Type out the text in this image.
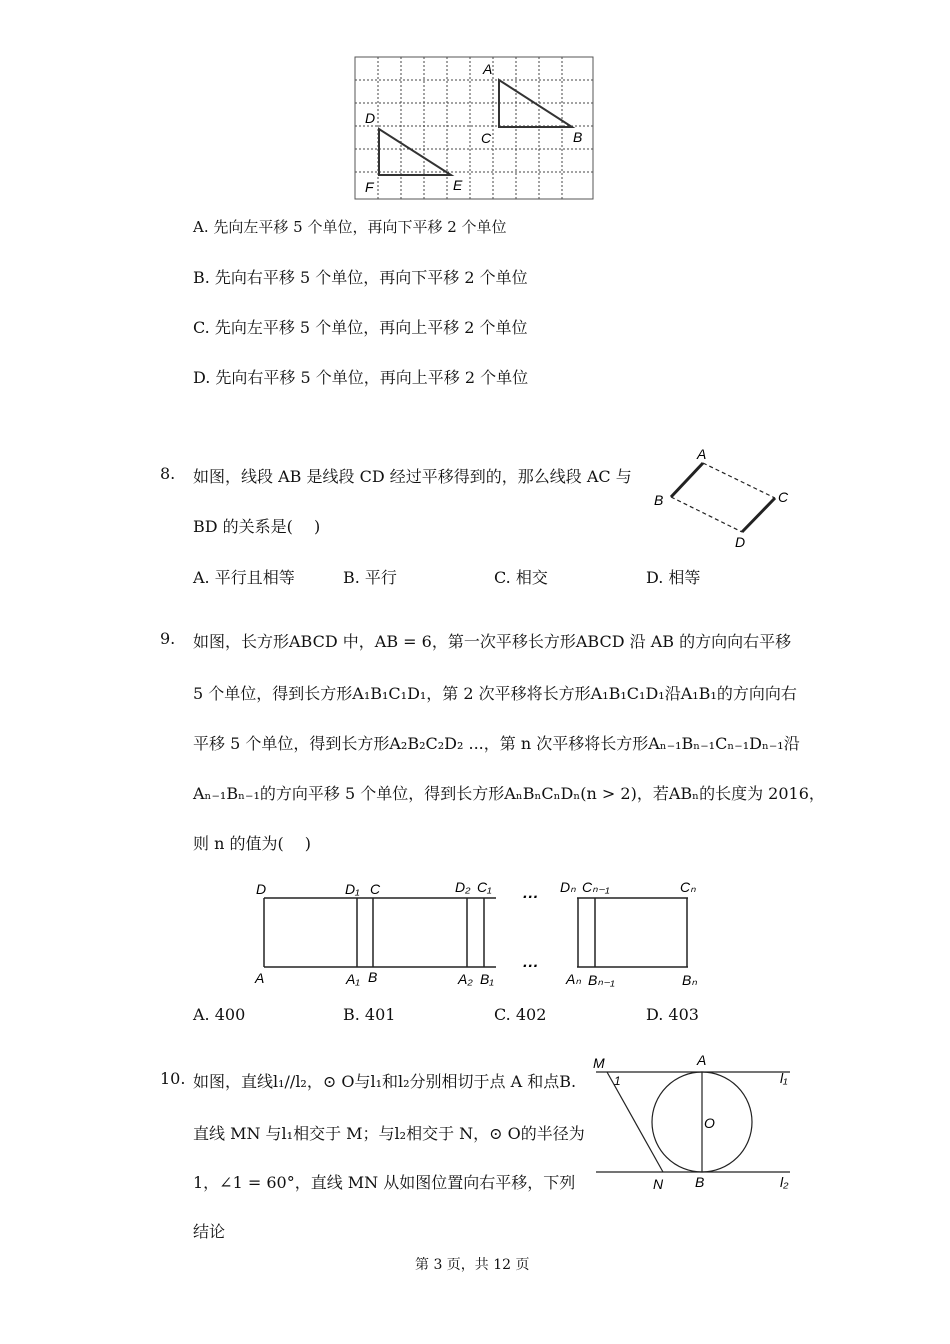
A
C	B
D
F	E
A. 先向左平移 5 个单位，再向下平移 2 个单位
B. 先向右平移 5 个单位，再向下平移 2 个单位
C. 先向左平移 5 个单位，再向上平移 2 个单位
D. 先向右平移 5 个单位，再向上平移 2 个单位
8. 如图，线段 AB 是线段 CD 经过平移得到的，那么线段 AC 与
BD 的关系是(　 )
A
B	C
D
A. 平行且相等	B. 平行	C. 相交	D. 相等
9. 如图，长方形ABCD 中，AB = 6，第一次平移长方形ABCD 沿 AB 的方向向右平移
5 个单位，得到长方形A₁B₁C₁D₁，第 2 次平移将长方形A₁B₁C₁D₁沿A₁B₁的方向向右
平移 5 个单位，得到长方形A₂B₂C₂D₂ ...，第 n 次平移将长方形Aₙ₋₁Bₙ₋₁Cₙ₋₁Dₙ₋₁沿
Aₙ₋₁Bₙ₋₁的方向平移 5 个单位，得到长方形AₙBₙCₙDₙ(n > 2)，若ABₙ的长度为 2016，
则 n 的值为(　 )
···
···
D	D₁ C	D₂ C₁	Dₙ Cₙ₋₁	Cₙ
A	A₁ B	A₂ B₁	Aₙ Bₙ₋₁	Bₙ
A. 400	B. 401	C. 402	D. 403
10. 如图，直线l₁//l₂，⊙ O与l₁和l₂分别相切于点 A 和点B.
直线 MN 与l₁相交于 M；与l₂相交于 N，⊙ O的半径为
1，∠1 = 60°，直线 MN 从如图位置向右平移，下列
结论
M
1
A
l₁
O
N B	l₂
第 3 页，共 12 页
